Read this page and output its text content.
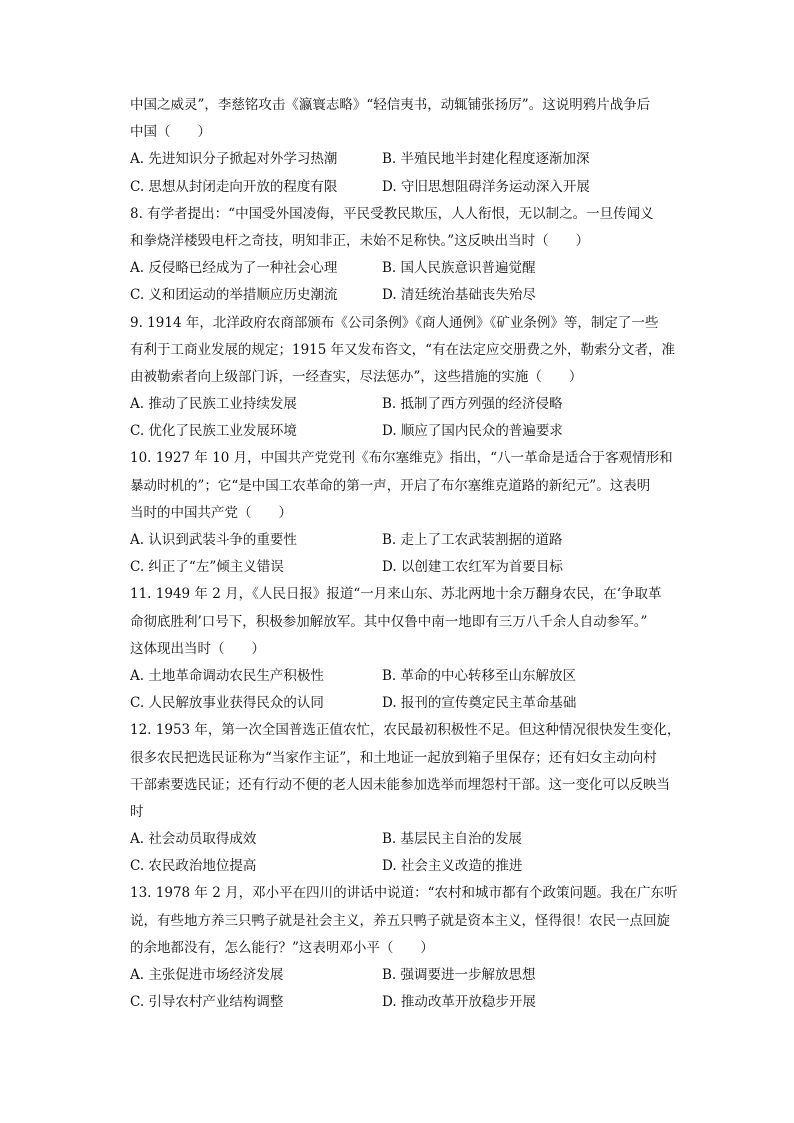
中国之威灵”，李慈铭攻击《瀛寰志略》“轻信夷书，动辄铺张扬厉”。这说明鸦片战争后
中国（　　）
A. 先进知识分子掀起对外学习热潮	B. 半殖民地半封建化程度逐渐加深
C. 思想从封闭走向开放的程度有限	D. 守旧思想阻碍洋务运动深入开展
8. 有学者提出：“中国受外国凌侮，平民受教民欺压，人人衔恨，无以制之。一旦传闻义
和拳烧洋楼毁电杆之奇技，明知非正，未始不足称快。”这反映出当时（　　）
A. 反侵略已经成为了一种社会心理	B. 国人民族意识普遍觉醒
C. 义和团运动的举措顺应历史潮流	D. 清廷统治基础丧失殆尽
9. 1914 年，北洋政府农商部颁布《公司条例》《商人通例》《矿业条例》等，制定了一些
有利于工商业发展的规定；1915 年又发布咨文，“有在法定应交册费之外，勒索分文者，准
由被勒索者向上级部门诉，一经查实，尽法惩办”，这些措施的实施（　　）
A. 推动了民族工业持续发展	B. 抵制了西方列强的经济侵略
C. 优化了民族工业发展环境	D. 顺应了国内民众的普遍要求
10. 1927 年 10 月，中国共产党党刊《布尔塞维克》指出，“八一革命是适合于客观情形和
暴动时机的”；它“是中国工农革命的第一声，开启了布尔塞维克道路的新纪元”。这表明
当时的中国共产党（　　）
A. 认识到武装斗争的重要性	B. 走上了工农武装割据的道路
C. 纠正了“左”倾主义错误	D. 以创建工农红军为首要目标
11. 1949 年 2 月，《人民日报》报道“一月来山东、苏北两地十余万翻身农民，在‘争取革
命彻底胜利’口号下，积极参加解放军。其中仅鲁中南一地即有三万八千余人自动参军。”
这体现出当时（　　）
A. 土地革命调动农民生产积极性	B. 革命的中心转移至山东解放区
C. 人民解放事业获得民众的认同	D. 报刊的宣传奠定民主革命基础
12. 1953 年，第一次全国普选正值农忙，农民最初积极性不足。但这种情况很快发生变化，
很多农民把选民证称为“当家作主证”，和土地证一起放到箱子里保存；还有妇女主动向村
干部索要选民证；还有行动不便的老人因未能参加选举而埋怨村干部。这一变化可以反映当
时
A. 社会动员取得成效	B. 基层民主自治的发展
C. 农民政治地位提高	D. 社会主义改造的推进
13. 1978 年 2 月，邓小平在四川的讲话中说道：“农村和城市都有个政策问题。我在广东听
说，有些地方养三只鸭子就是社会主义，养五只鸭子就是资本主义，怪得很！农民一点回旋
的余地都没有，怎么能行？”这表明邓小平（　　）
A. 主张促进市场经济发展	B. 强调要进一步解放思想
C. 引导农村产业结构调整	D. 推动改革开放稳步开展
